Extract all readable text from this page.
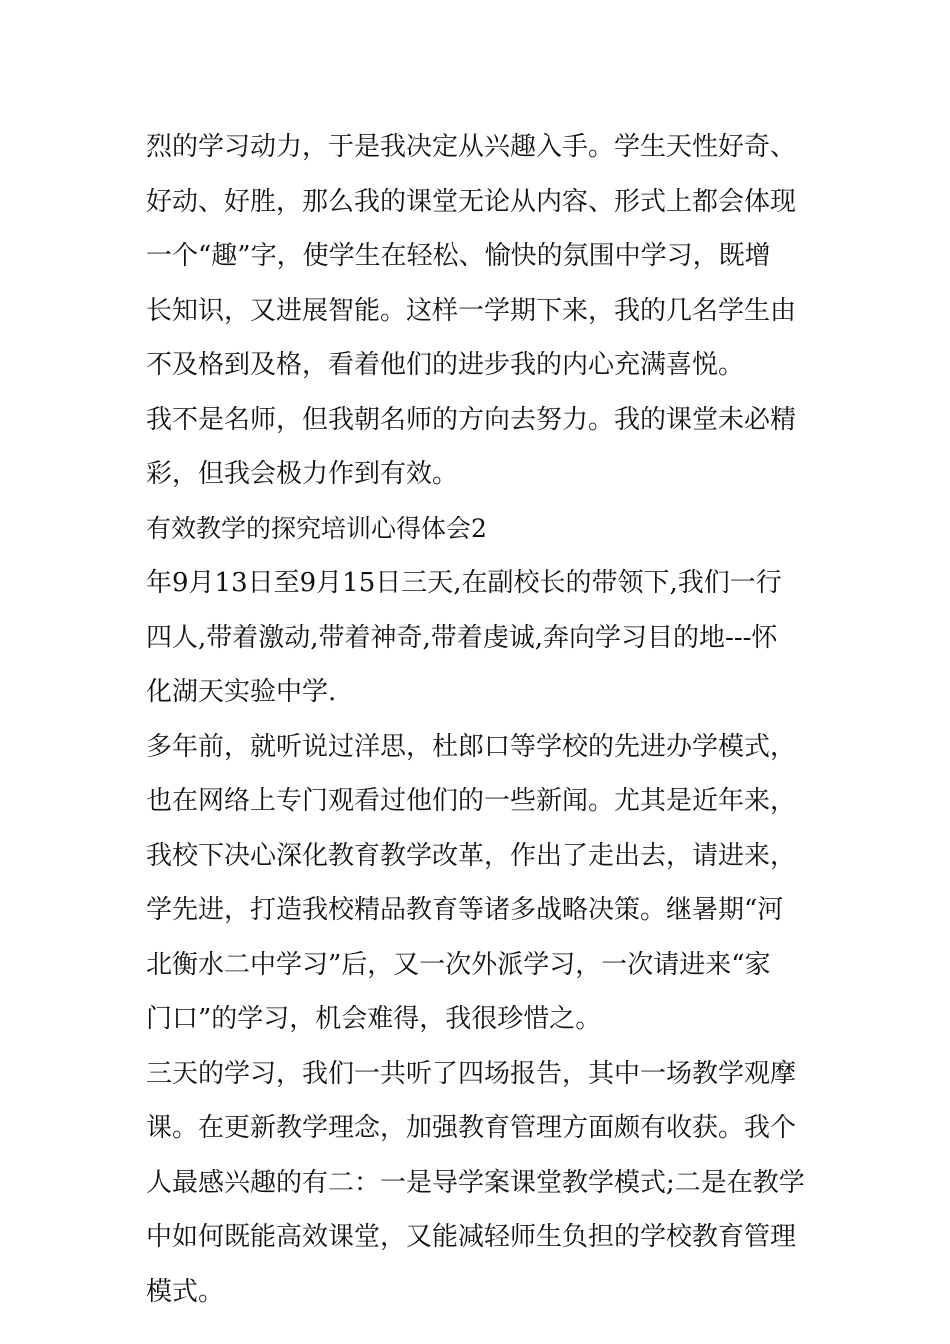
烈的学习动力，于是我决定从兴趣入手。学生天性好奇、
好动、好胜，那么我的课堂无论从内容、形式上都会体现
一个“趣”字，使学生在轻松、愉快的氛围中学习，既增
长知识，又进展智能。这样一学期下来，我的几名学生由
不及格到及格，看着他们的进步我的内心充满喜悦。
我不是名师，但我朝名师的方向去努力。我的课堂未必精
彩，但我会极力作到有效。
有效教学的探究培训心得体会2
年9月13日至9月15日三天,在副校长的带领下,我们一行
四人,带着激动,带着神奇,带着虔诚,奔向学习目的地---怀
化湖天实验中学.
多年前，就听说过洋思，杜郎口等学校的先进办学模式，
也在网络上专门观看过他们的一些新闻。尤其是近年来，
我校下决心深化教育教学改革，作出了走出去，请进来，
学先进，打造我校精品教育等诸多战略决策。继暑期“河
北衡水二中学习”后，又一次外派学习，一次请进来“家
门口”的学习，机会难得，我很珍惜之。
三天的学习，我们一共听了四场报告，其中一场教学观摩
课。在更新教学理念，加强教育管理方面颇有收获。我个
人最感兴趣的有二：一是导学案课堂教学模式;二是在教学
中如何既能高效课堂，又能减轻师生负担的学校教育管理
模式。
